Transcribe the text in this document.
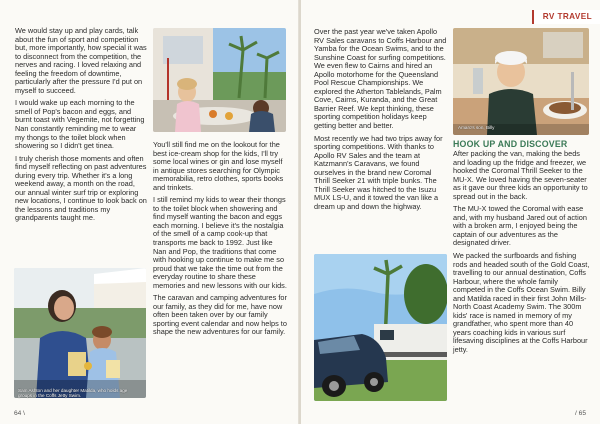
We would stay up and play cards, talk about the fun of sport and competition but, more importantly, how special it was to disconnect from the competition, the nerves and racing. I loved relaxing and feeling the freedom of downtime, particularly after the pressure I'd put on myself to succeed.

I would wake up each morning to the smell of Pop's bacon and eggs, and burnt toast with Vegemite, not forgetting Nan constantly reminding me to wear my thongs to the toilet block when showering so I didn't get tinea.

I truly cherish those moments and often find myself reflecting on past adventures during every trip. Whether it's a long weekend away, a month on the road, our annual winter surf trip or exploring new locations, I continue to look back on the lessons and traditions my grandparents taught me.

Sam Ashton and her daughter Matilda, who holds age groups in the Coffs Jetty Swim.

You'll still find me on the lookout for the best ice-cream shop for the kids, I'll try some local wines or gin and lose myself in antique stores searching for Olympic memorabilia, retro clothes, sports books and trinkets.

I still remind my kids to wear their thongs to the toilet block when showering and find myself wanting the bacon and eggs each morning. I believe it's the nostalgia of the smell of a camp cook-up that transports me back to 1992. Just like Nan and Pop, the traditions that come with hooking up continue to make me so proud that we take the time out from the everyday routine to share these memories and new lessons with our kids.

The caravan and camping adventures for our family, as they did for me, have now often been taken over by our family sporting event calendar and now helps to shape the new adventures for our family.

64 \
RV TRAVEL

Over the past year we've taken Apollo RV Sales caravans to Coffs Harbour and Yamba for the Ocean Swims, and to the Sunshine Coast for surfing competitions. We even flew to Cairns and hired an Apollo motorhome for the Queensland Pool Rescue Championships. We explored the Atherton Tablelands, Palm Cove, Cairns, Kuranda, and the Great Barrier Reef. We kept thinking, these sporting competition holidays keep getting better and better.

Most recently we had two trips away for sporting competitions. With thanks to Apollo RV Sales and the team at Katzmann's Caravans, we found ourselves in the brand new Coromal Thrill Seeker 21 with triple bunks. The Thrill Seeker was hitched to the Isuzu MUX LS-U, and it towed the van like a dream up and down the highway.

Amaro's son, Billy
HOOK UP AND DISCOVER

After packing the van, making the beds and loading up the fridge and freezer, we hooked the Coromal Thrill Seeker to the MU-X. We loved having the seven-seater as it gave our three kids an opportunity to spread out in the back.

The MU-X towed the Coromal with ease and, with my husband Jared out of action with a broken arm, I enjoyed being the captain of our adventures as the designated driver.

We packed the surfboards and fishing rods and headed south of the Gold Coast, travelling to our annual destination, Coffs Harbour, where the whole family competed in the Coffs Ocean Swim. Billy and Matilda raced in their first John Mills-North Coast Academy Swim. The 300m kids' race is named in memory of my grandfather, who spent more than 40 years coaching kids in various surf lifesaving disciplines at the Coffs Harbour jetty.

/ 65
